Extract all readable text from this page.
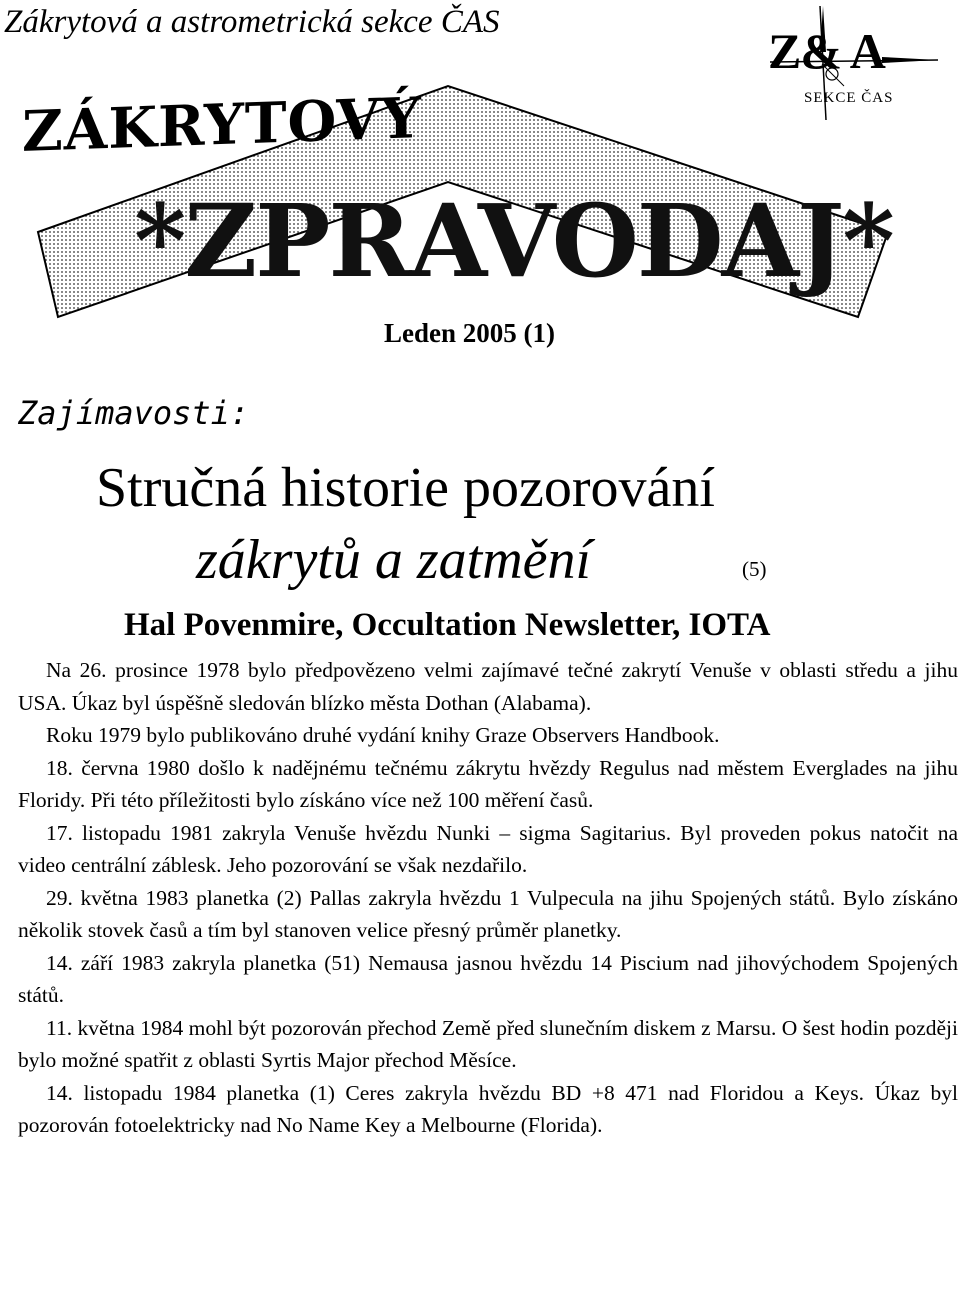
Zákrytová a astrometrická sekce ČAS
Z& A
SEKCE ČAS
ZÁKRYTOVÝ
*ZPRAVODAJ*
Leden 2005 (1)
Zajímavosti:
Stručná historie pozorování
zákrytů a zatmění	(5)
Hal Povenmire, Occultation Newsletter, IOTA

Na 26. prosince 1978 bylo předpovězeno velmi zajímavé tečné zakrytí Venuše v oblasti středu a jihu USA. Úkaz byl úspěšně sledován blízko města Dothan (Alabama).

Roku 1979 bylo publikováno druhé vydání knihy Graze Observers Handbook.

18. června 1980 došlo k nadějnému tečnému zákrytu hvězdy Regulus nad městem Everglades na jihu Floridy. Při této příležitosti bylo získáno více než 100 měření časů.

17. listopadu 1981 zakryla Venuše hvězdu Nunki – sigma Sagitarius. Byl proveden pokus natočit na video centrální záblesk. Jeho pozorování se však nezdařilo.

29. května 1983 planetka (2) Pallas zakryla hvězdu 1 Vulpecula na jihu Spojených států. Bylo získáno několik stovek časů a tím byl stanoven velice přesný průměr planetky.

14. září 1983 zakryla planetka (51) Nemausa jasnou hvězdu 14 Piscium nad jihovýchodem Spojených států.

11. května 1984 mohl být pozorován přechod Země před slunečním diskem z Marsu. O šest hodin později bylo možné spatřit z oblasti Syrtis Major přechod Měsíce.

14. listopadu 1984 planetka (1) Ceres zakryla hvězdu BD +8 471 nad Floridou a Keys. Úkaz byl pozorován fotoelektricky nad No Name Key a Melbourne (Florida).
